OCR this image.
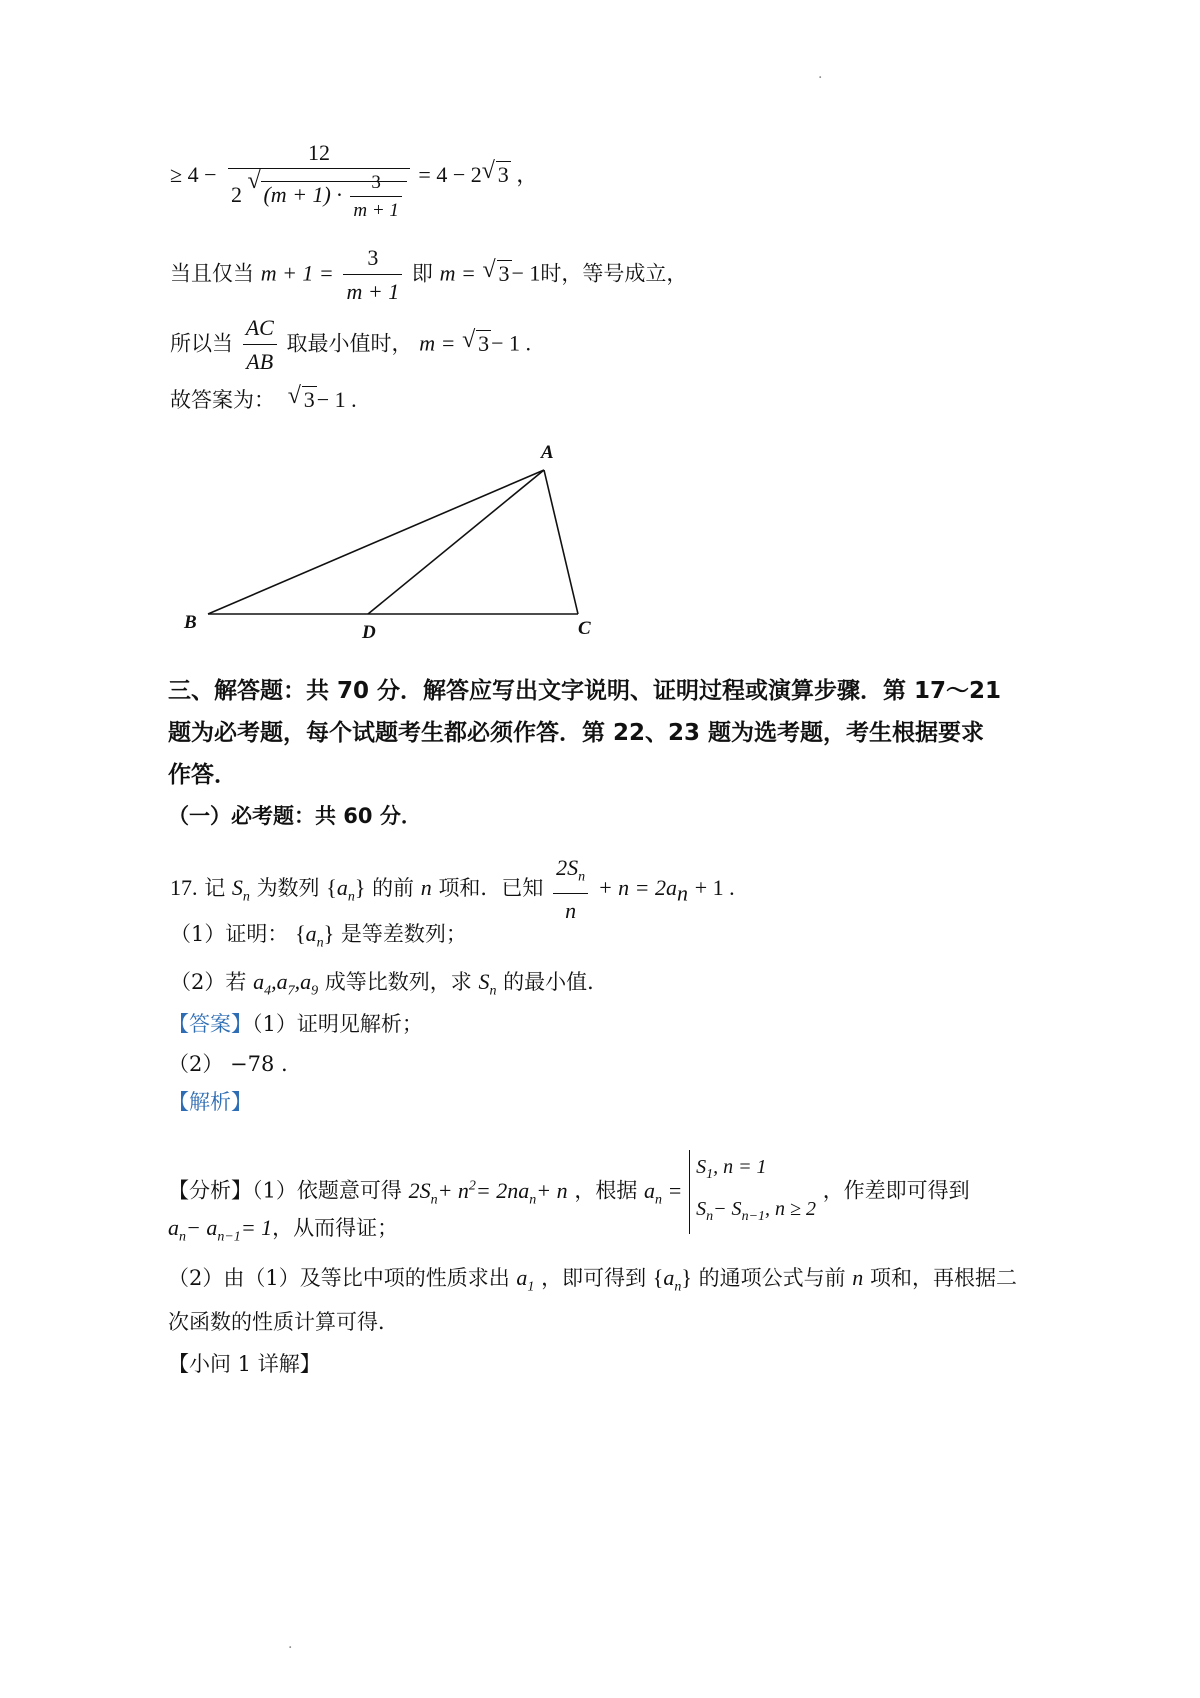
·
·
≥ 4 −
12
2
√
$(m + 1) \cdot \frac{3}{m + 1} = 4 - 2$ √ 3 ，
当且仅当 $m + 1 = \frac{3}{m + 1}$ 即 m = √ 3− 1时，等号成立，
所以当 $\frac{AC}{AB}$ 取最小值时， m = √ 3− 1 .
故答案为： √ 3− 1 .
A
B	D	C
三、解答题：共 70 分．解答应写出文字说明、证明过程或演算步骤．第 17～21
题为必考题，每个试题考生都必须作答．第 22、23 题为选考题，考生根据要求
作答．
（一）必考题：共 60 分．
17. 记 $S_n$ 为数列 $\{a_n\}$ 的前 n 项和．已知 $\frac{2S_n}{n} + n = 2a_n + 1$ .
（1）证明： $\{a_n\}$ 是等差数列；
（2）若 $a_4,a_7,a_9$ 成等比数列，求 $S_n$ 的最小值．
【答案】（1）证明见解析；
（2） −78 .
【解析】
【分析】（1）依题意可得 $2S_n+ n^2= 2na_n+ n$ ，根据 $a_n$ =
$S_1$, n = 1
$S_n- S_{n-1}$, n ≥ 2
，作差即可得到
$a_n- a_{n-1}= 1$，从而得证；
（2）由（1）及等比中项的性质求出 $a_1$ ，即可得到 $\{a_n\}$ 的通项公式与前 n 项和，再根据二
次函数的性质计算可得．
【小问 1 详解】
